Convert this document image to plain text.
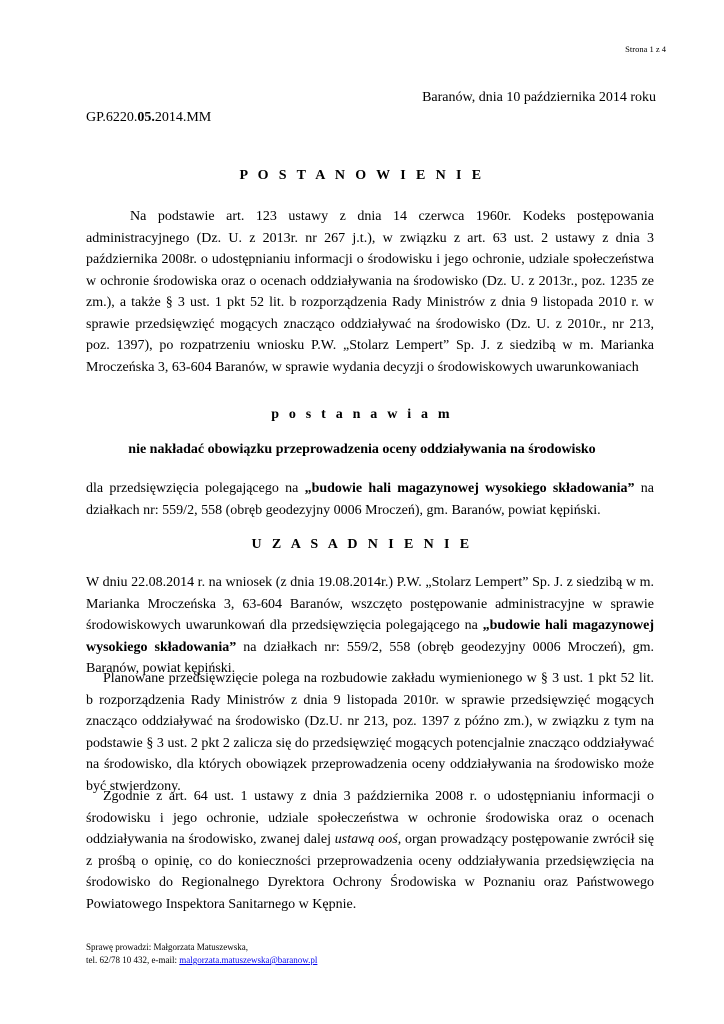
Strona 1 z 4
Baranów, dnia 10 października 2014 roku
GP.6220.05.2014.MM
P O S T A N O W I E N I E
Na podstawie art. 123 ustawy z dnia 14 czerwca 1960r. Kodeks postępowania administracyjnego (Dz. U. z 2013r. nr 267 j.t.), w związku z art. 63 ust. 2 ustawy z dnia 3 października 2008r. o udostępnianiu informacji o środowisku i jego ochronie, udziale społeczeństwa w ochronie środowiska oraz o ocenach oddziaływania na środowisko (Dz. U. z 2013r., poz. 1235 ze zm.), a także § 3 ust. 1 pkt 52 lit. b rozporządzenia Rady Ministrów z dnia 9 listopada 2010 r. w sprawie przedsięwzięć mogących znacząco oddziaływać na środowisko (Dz. U. z 2010r., nr 213, poz. 1397), po rozpatrzeniu wniosku P.W. „Stolarz Lempert” Sp. J. z siedzibą w m. Marianka Mroczeńska 3, 63-604 Baranów, w sprawie wydania decyzji o środowiskowych uwarunkowaniach
p o s t a n a w i a m
nie nakładać obowiązku przeprowadzenia oceny oddziaływania na środowisko
dla przedsięwzięcia polegającego na „budowie hali magazynowej wysokiego składowania” na działkach nr: 559/2, 558 (obręb geodezyjny 0006 Mroczeń), gm. Baranów, powiat kępiński.
U Z A S A D N I E N I E
W dniu 22.08.2014 r. na wniosek (z dnia 19.08.2014r.) P.W. „Stolarz Lempert” Sp. J. z siedzibą w m. Marianka Mroczeńska 3, 63-604 Baranów, wszczęto postępowanie administracyjne w sprawie środowiskowych uwarunkowań dla przedsięwzięcia polegającego na „budowie hali magazynowej wysokiego składowania” na działkach nr: 559/2, 558 (obręb geodezyjny 0006 Mroczeń), gm. Baranów, powiat kępiński.
Planowane przedsięwzięcie polega na rozbudowie zakładu wymienionego w § 3 ust. 1 pkt 52 lit. b rozporządzenia Rady Ministrów z dnia 9 listopada 2010r. w sprawie przedsięwzięć mogących znacząco oddziaływać na środowisko (Dz.U. nr 213, poz. 1397 z późno zm.), w związku z tym na podstawie § 3 ust. 2 pkt 2 zalicza się do przedsięwzięć mogących potencjalnie znacząco oddziaływać na środowisko, dla których obowiązek przeprowadzenia oceny oddziaływania na środowisko może być stwierdzony.
Zgodnie z art. 64 ust. 1 ustawy z dnia 3 października 2008 r. o udostępnianiu informacji o środowisku i jego ochronie, udziale społeczeństwa w ochronie środowiska oraz o ocenach oddziaływania na środowisko, zwanej dalej ustawą ooś, organ prowadzący postępowanie zwrócił się z prośbą o opinię, co do konieczności przeprowadzenia oceny oddziaływania przedsięwzięcia na środowisko do Regionalnego Dyrektora Ochrony Środowiska w Poznaniu oraz Państwowego Powiatowego Inspektora Sanitarnego w Kępnie.
Sprawę prowadzi: Małgorzata Matuszewska,
tel. 62/78 10 432, e-mail: malgorzata.matuszewska@baranow.pl
